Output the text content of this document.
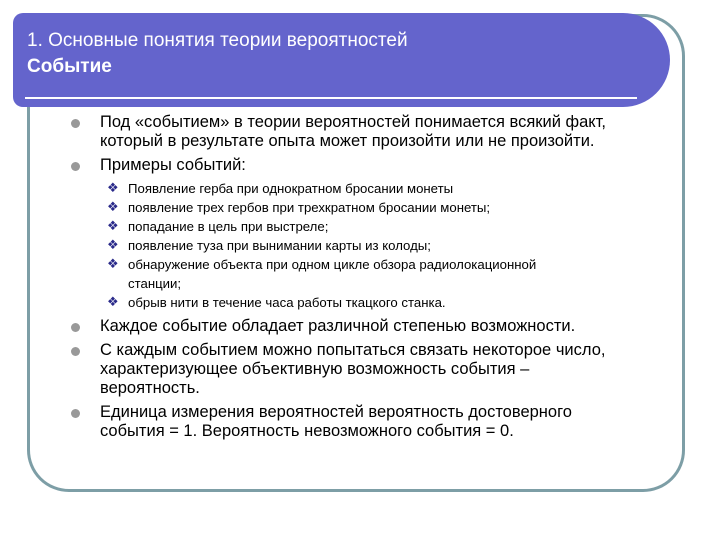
1. Основные понятия теории вероятностей
Событие
Под «событием» в теории вероятностей понимается всякий факт,
который в результате опыта может произойти или не произойти.
Примеры событий:
❖ Появление герба при однократном бросании монеты
❖ появление трех гербов при трехкратном бросании монеты;
❖ попадание в цель при выстреле;
❖ появление туза при вынимании карты из колоды;
❖ обнаружение объекта при одном цикле обзора радиолокационной
станции;
❖ обрыв нити в течение часа работы ткацкого станка.
Каждое событие обладает различной степенью возможности.
С каждым событием можно попытаться связать некоторое число,
характеризующее объективную возможность события –
вероятность.
Единица измерения вероятностей вероятность достоверного
события = 1. Вероятность невозможного события = 0.
